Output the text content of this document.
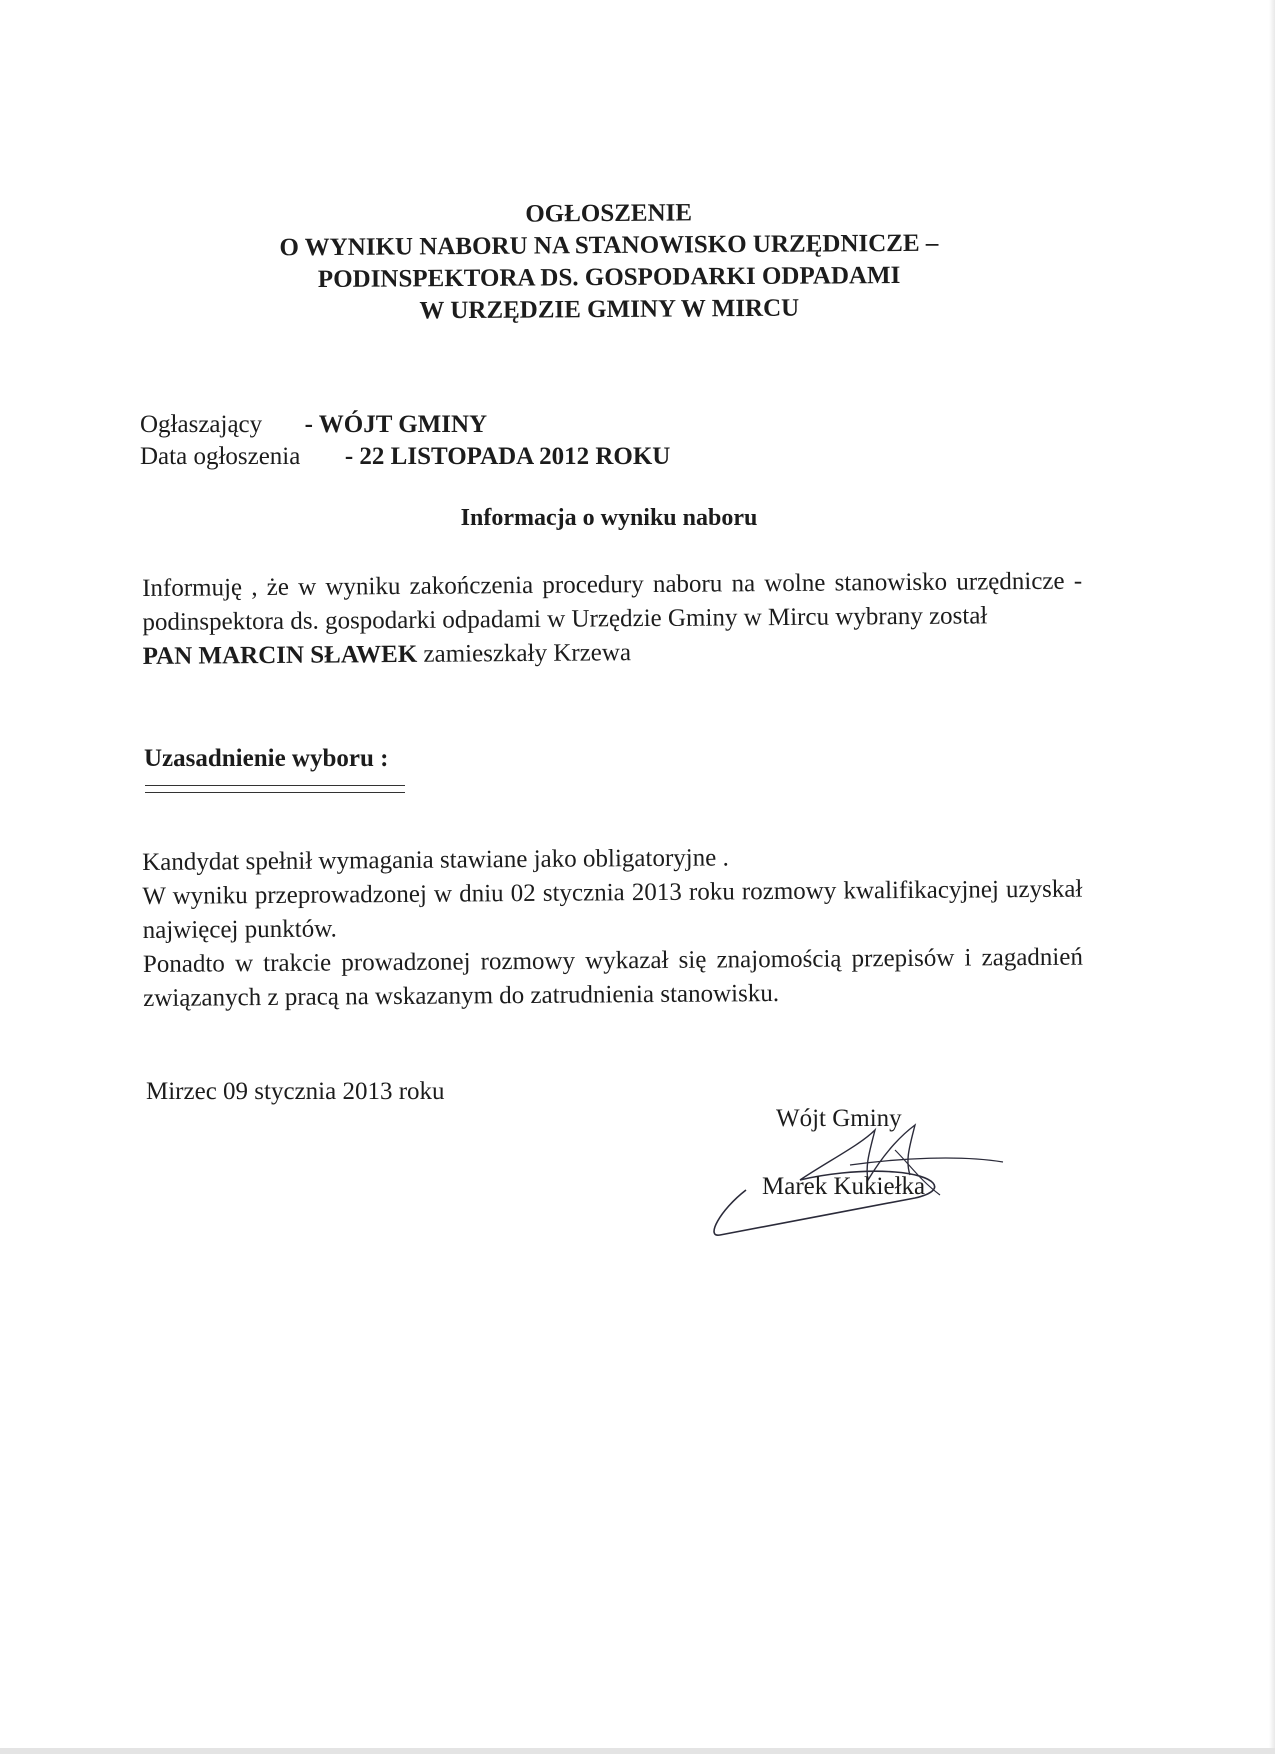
OGŁOSZENIE
O WYNIKU NABORU NA STANOWISKO URZĘDNICZE –
PODINSPEKTORA DS. GOSPODARKI ODPADAMI
W URZĘDZIE GMINY W MIRCU
Ogłaszający - WÓJT GMINY
Data ogłoszenia - 22 LISTOPADA 2012 ROKU
Informacja o wyniku naboru

Informuję , że w wyniku zakończenia procedury naboru na wolne stanowisko urzędnicze - podinspektora ds. gospodarki odpadami w Urzędzie Gminy w Mircu wybrany został

PAN MARCIN SŁAWEK zamieszkały Krzewa

Uzasadnienie wyboru :

Kandydat spełnił wymagania stawiane jako obligatoryjne .

W wyniku przeprowadzonej w dniu 02 stycznia 2013 roku rozmowy kwalifikacyjnej uzyskał najwięcej punktów.

Ponadto w trakcie prowadzonej rozmowy wykazał się znajomością przepisów i zagadnień związanych z pracą na wskazanym do zatrudnienia stanowisku.

Mirzec 09 stycznia 2013 roku
Wójt Gminy
Marek Kukiełka
